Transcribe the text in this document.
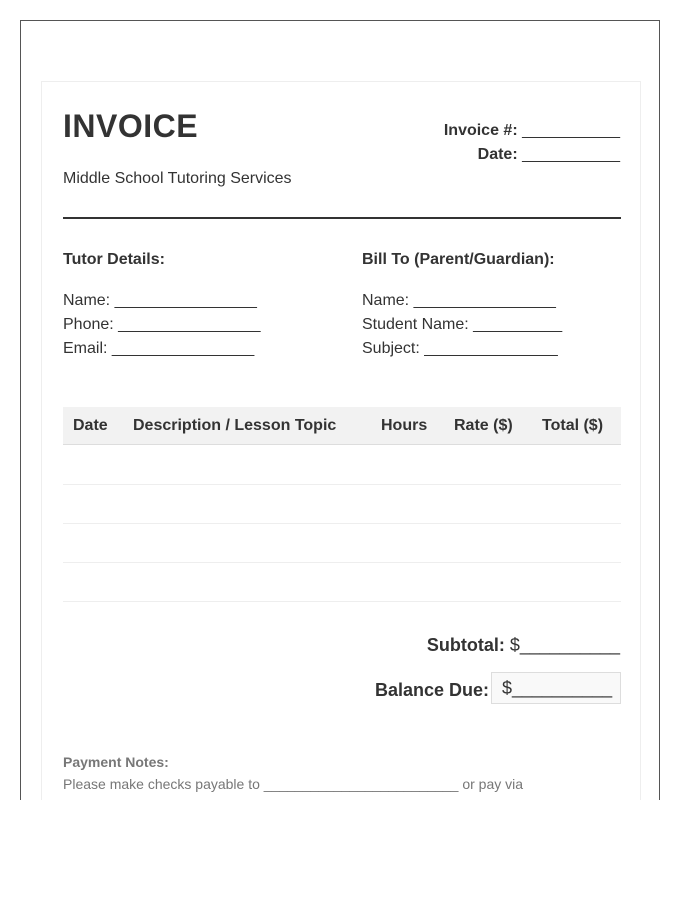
INVOICE
Middle School Tutoring Services
Invoice #: ___________
Date: ___________
Tutor Details:	Bill To (Parent/Guardian):
Name: ________________
Phone: ________________
Email: ________________
Name: ________________
Student Name: __________
Subject: _______________
Date Description / Lesson Topic	Hours Rate ($) Total ($)
Subtotal: $__________
Balance Due: $__________
Payment Notes:
Please make checks payable to _________________________ or pay via
